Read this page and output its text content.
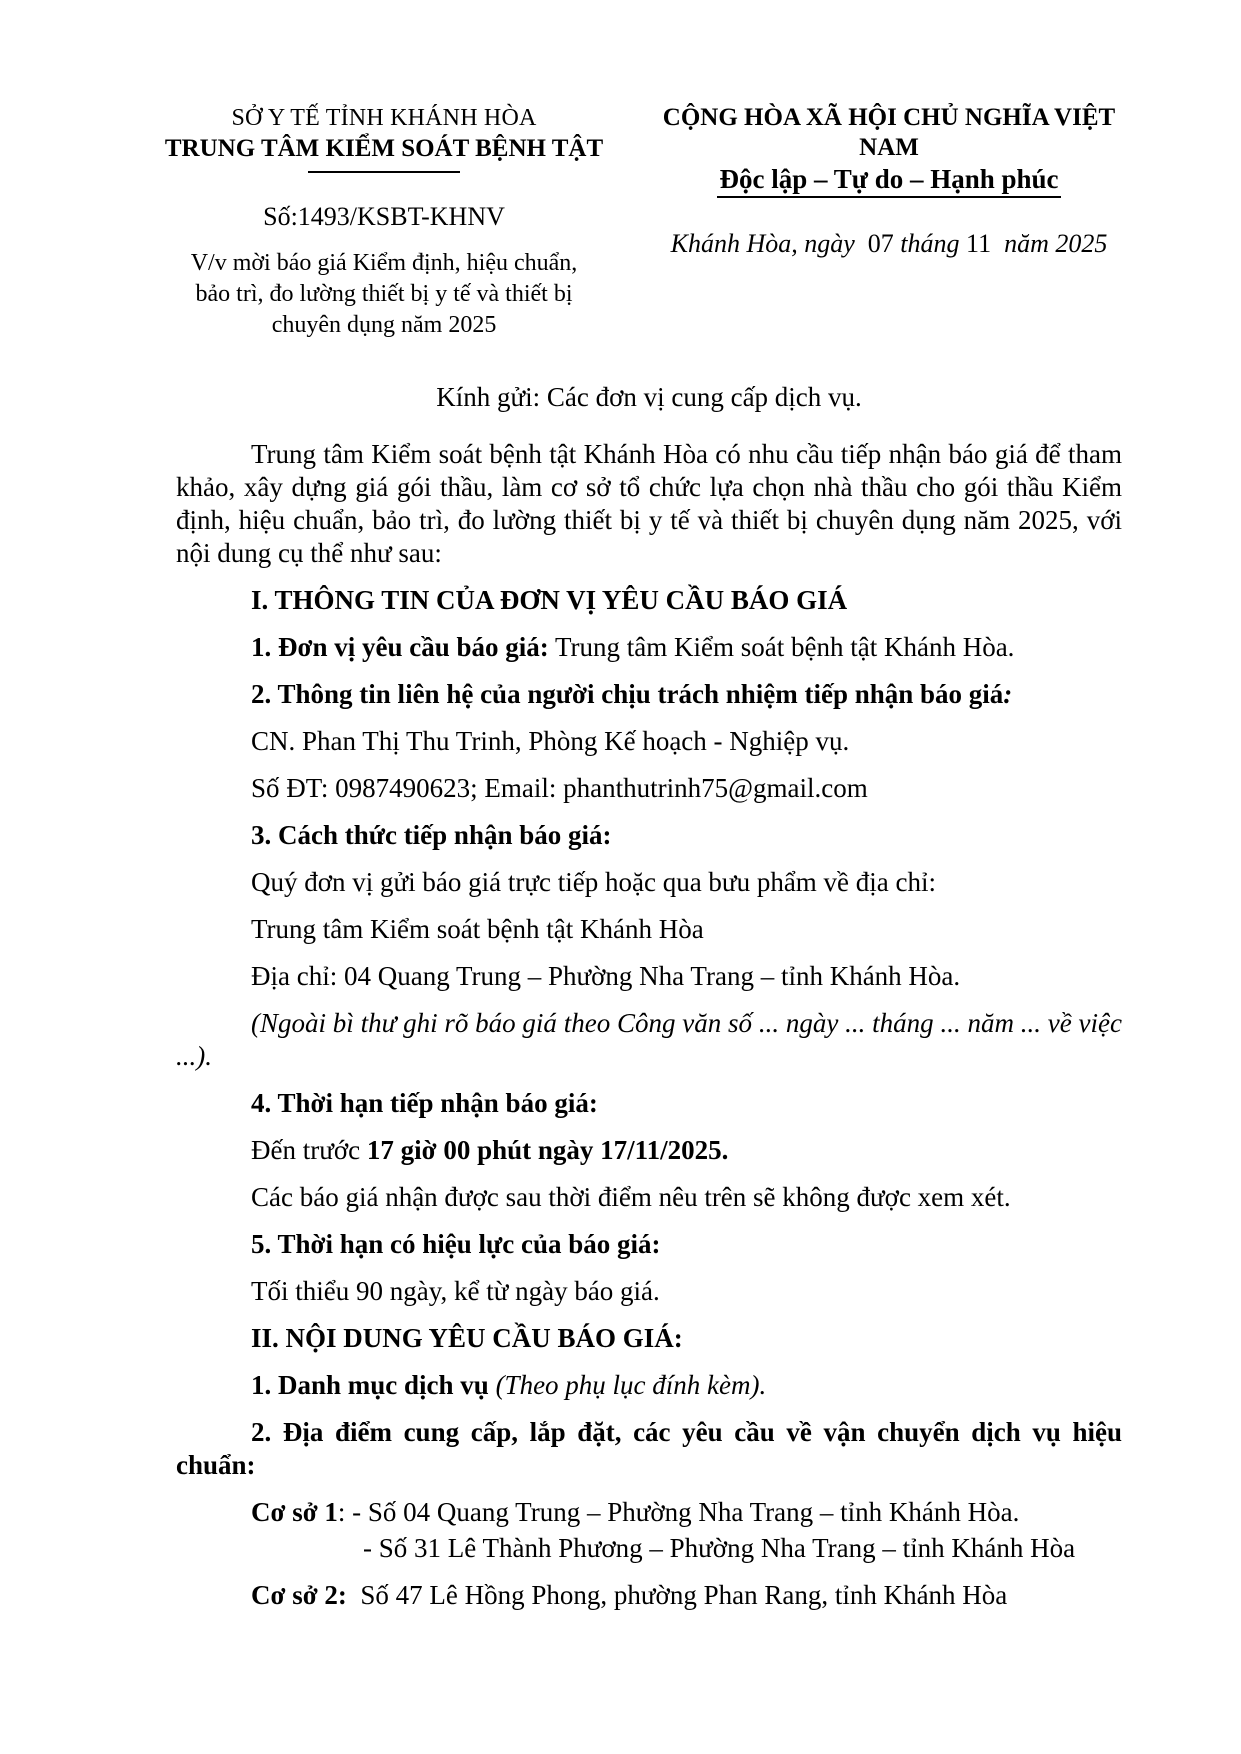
SỞ Y TẾ TỈNH KHÁNH HÒA
TRUNG TÂM KIỂM SOÁT BỆNH TẬT
Số:1493/KSBT-KHNV
V/v mời báo giá Kiểm định, hiệu chuẩn,
bảo trì, đo lường thiết bị y tế và thiết bị
chuyên dụng năm 2025
CỘNG HÒA XÃ HỘI CHỦ NGHĨA VIỆT NAM
Độc lập – Tự do – Hạnh phúc
Khánh Hòa, ngày  07 tháng 11  năm 2025

Kính gửi: Các đơn vị cung cấp dịch vụ.

Trung tâm Kiểm soát bệnh tật Khánh Hòa có nhu cầu tiếp nhận báo giá để tham khảo, xây dựng giá gói thầu, làm cơ sở tổ chức lựa chọn nhà thầu cho gói thầu Kiểm định, hiệu chuẩn, bảo trì, đo lường thiết bị y tế và thiết bị chuyên dụng năm 2025, với nội dung cụ thể như sau:

I. THÔNG TIN CỦA ĐƠN VỊ YÊU CẦU BÁO GIÁ

1. Đơn vị yêu cầu báo giá: Trung tâm Kiểm soát bệnh tật Khánh Hòa.

2. Thông tin liên hệ của người chịu trách nhiệm tiếp nhận báo giá:

CN. Phan Thị Thu Trinh, Phòng Kế hoạch - Nghiệp vụ.

Số ĐT: 0987490623; Email: phanthutrinh75@gmail.com

3. Cách thức tiếp nhận báo giá:

Quý đơn vị gửi báo giá trực tiếp hoặc qua bưu phẩm về địa chỉ:

Trung tâm Kiểm soát bệnh tật Khánh Hòa

Địa chỉ: 04 Quang Trung – Phường Nha Trang – tỉnh Khánh Hòa.

(Ngoài bì thư ghi rõ báo giá theo Công văn số ... ngày ... tháng ... năm ... về việc ...).

4. Thời hạn tiếp nhận báo giá:

Đến trước 17 giờ 00 phút ngày 17/11/2025.

Các báo giá nhận được sau thời điểm nêu trên sẽ không được xem xét.

5. Thời hạn có hiệu lực của báo giá:

Tối thiểu 90 ngày, kể từ ngày báo giá.

II. NỘI DUNG YÊU CẦU BÁO GIÁ:

1. Danh mục dịch vụ (Theo phụ lục đính kèm).

2. Địa điểm cung cấp, lắp đặt, các yêu cầu về vận chuyển dịch vụ hiệu chuẩn:

Cơ sở 1: - Số 04 Quang Trung – Phường Nha Trang – tỉnh Khánh Hòa.

- Số 31 Lê Thành Phương – Phường Nha Trang – tỉnh Khánh Hòa

Cơ sở 2:  Số 47 Lê Hồng Phong, phường Phan Rang, tỉnh Khánh Hòa
